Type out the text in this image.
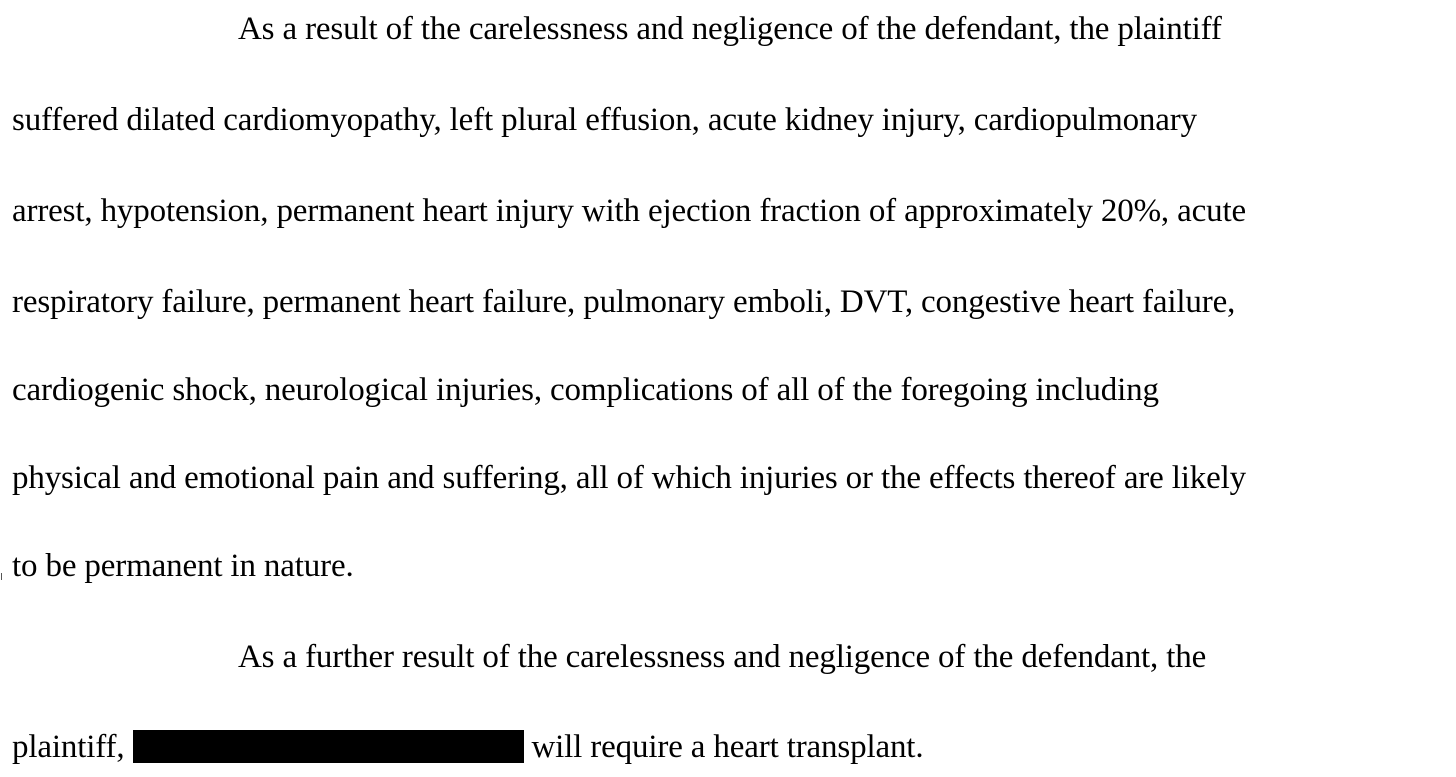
As a result of the carelessness and negligence of the defendant, the plaintiff
suffered dilated cardiomyopathy, left plural effusion, acute kidney injury, cardiopulmonary
arrest, hypotension, permanent heart injury with ejection fraction of approximately 20%, acute
respiratory failure, permanent heart failure, pulmonary emboli, DVT, congestive heart failure,
cardiogenic shock, neurological injuries, complications of all of the foregoing including
physical and emotional pain and suffering, all of which injuries or the effects thereof are likely
to be permanent in nature.
As a further result of the carelessness and negligence of the defendant, the
plaintiff,	will require a heart transplant.
